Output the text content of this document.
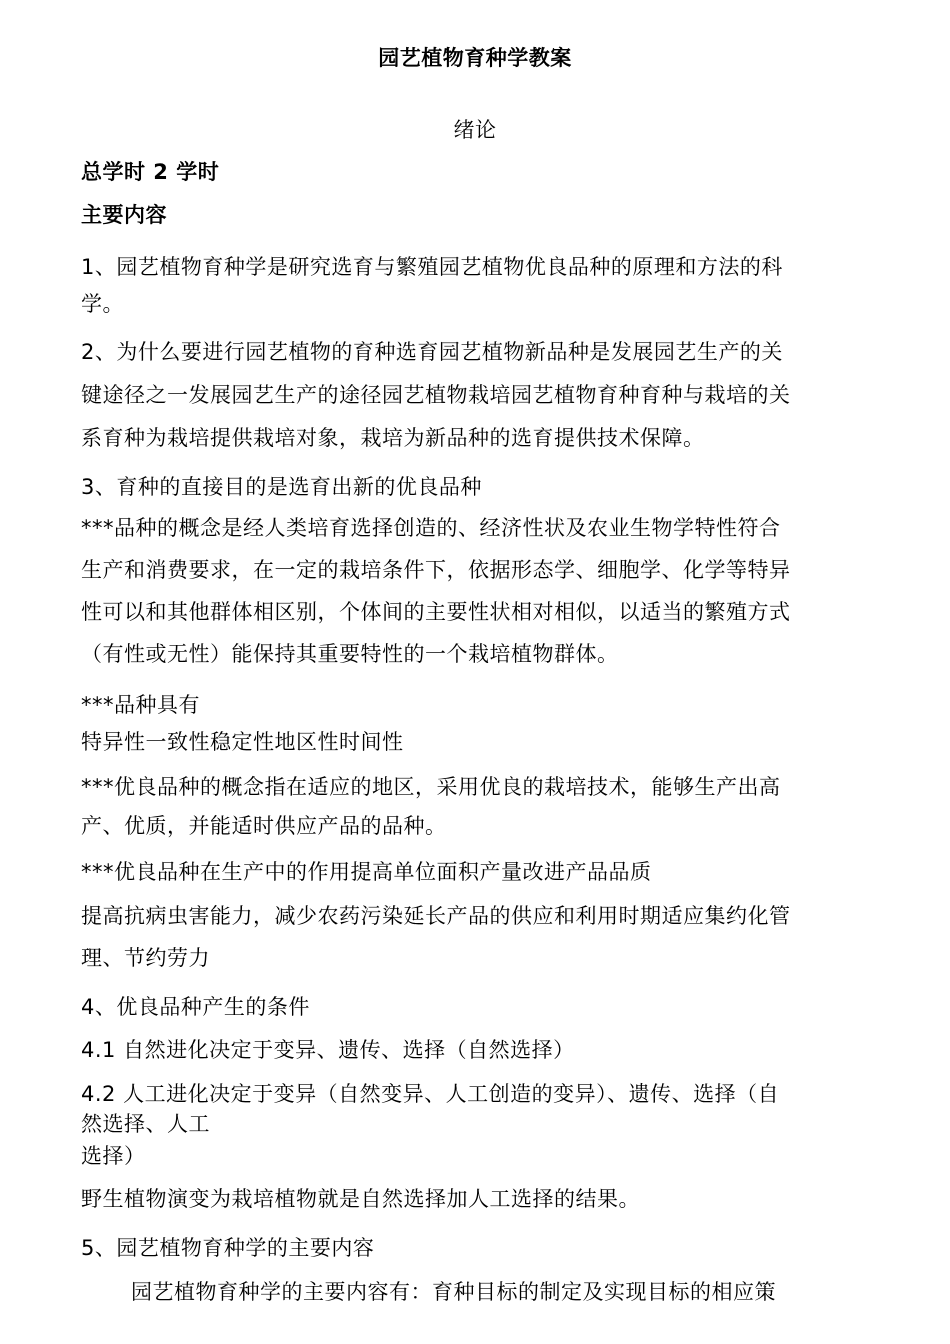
园艺植物育种学教案
绪论
总学时 2 学时
主要内容
1、园艺植物育种学是研究选育与繁殖园艺植物优良品种的原理和方法的科
学。
2、为什么要进行园艺植物的育种选育园艺植物新品种是发展园艺生产的关
键途径之一发展园艺生产的途径园艺植物栽培园艺植物育种育种与栽培的关
系育种为栽培提供栽培对象，栽培为新品种的选育提供技术保障。
3、育种的直接目的是选育出新的优良品种
***品种的概念是经人类培育选择创造的、经济性状及农业生物学特性符合
生产和消费要求，在一定的栽培条件下，依据形态学、细胞学、化学等特异
性可以和其他群体相区别，个体间的主要性状相对相似，以适当的繁殖方式
（有性或无性）能保持其重要特性的一个栽培植物群体。
***品种具有
特异性一致性稳定性地区性时间性
***优良品种的概念指在适应的地区，采用优良的栽培技术，能够生产出高
产、优质，并能适时供应产品的品种。
***优良品种在生产中的作用提高单位面积产量改进产品品质
提高抗病虫害能力，减少农药污染延长产品的供应和利用时期适应集约化管
理、节约劳力
4、优良品种产生的条件
4.1 自然进化决定于变异、遗传、选择（自然选择）
4.2 人工进化决定于变异（自然变异、人工创造的变异）、遗传、选择（自
然选择、人工
选择）
野生植物演变为栽培植物就是自然选择加人工选择的结果。
5、园艺植物育种学的主要内容
园艺植物育种学的主要内容有：育种目标的制定及实现目标的相应策
